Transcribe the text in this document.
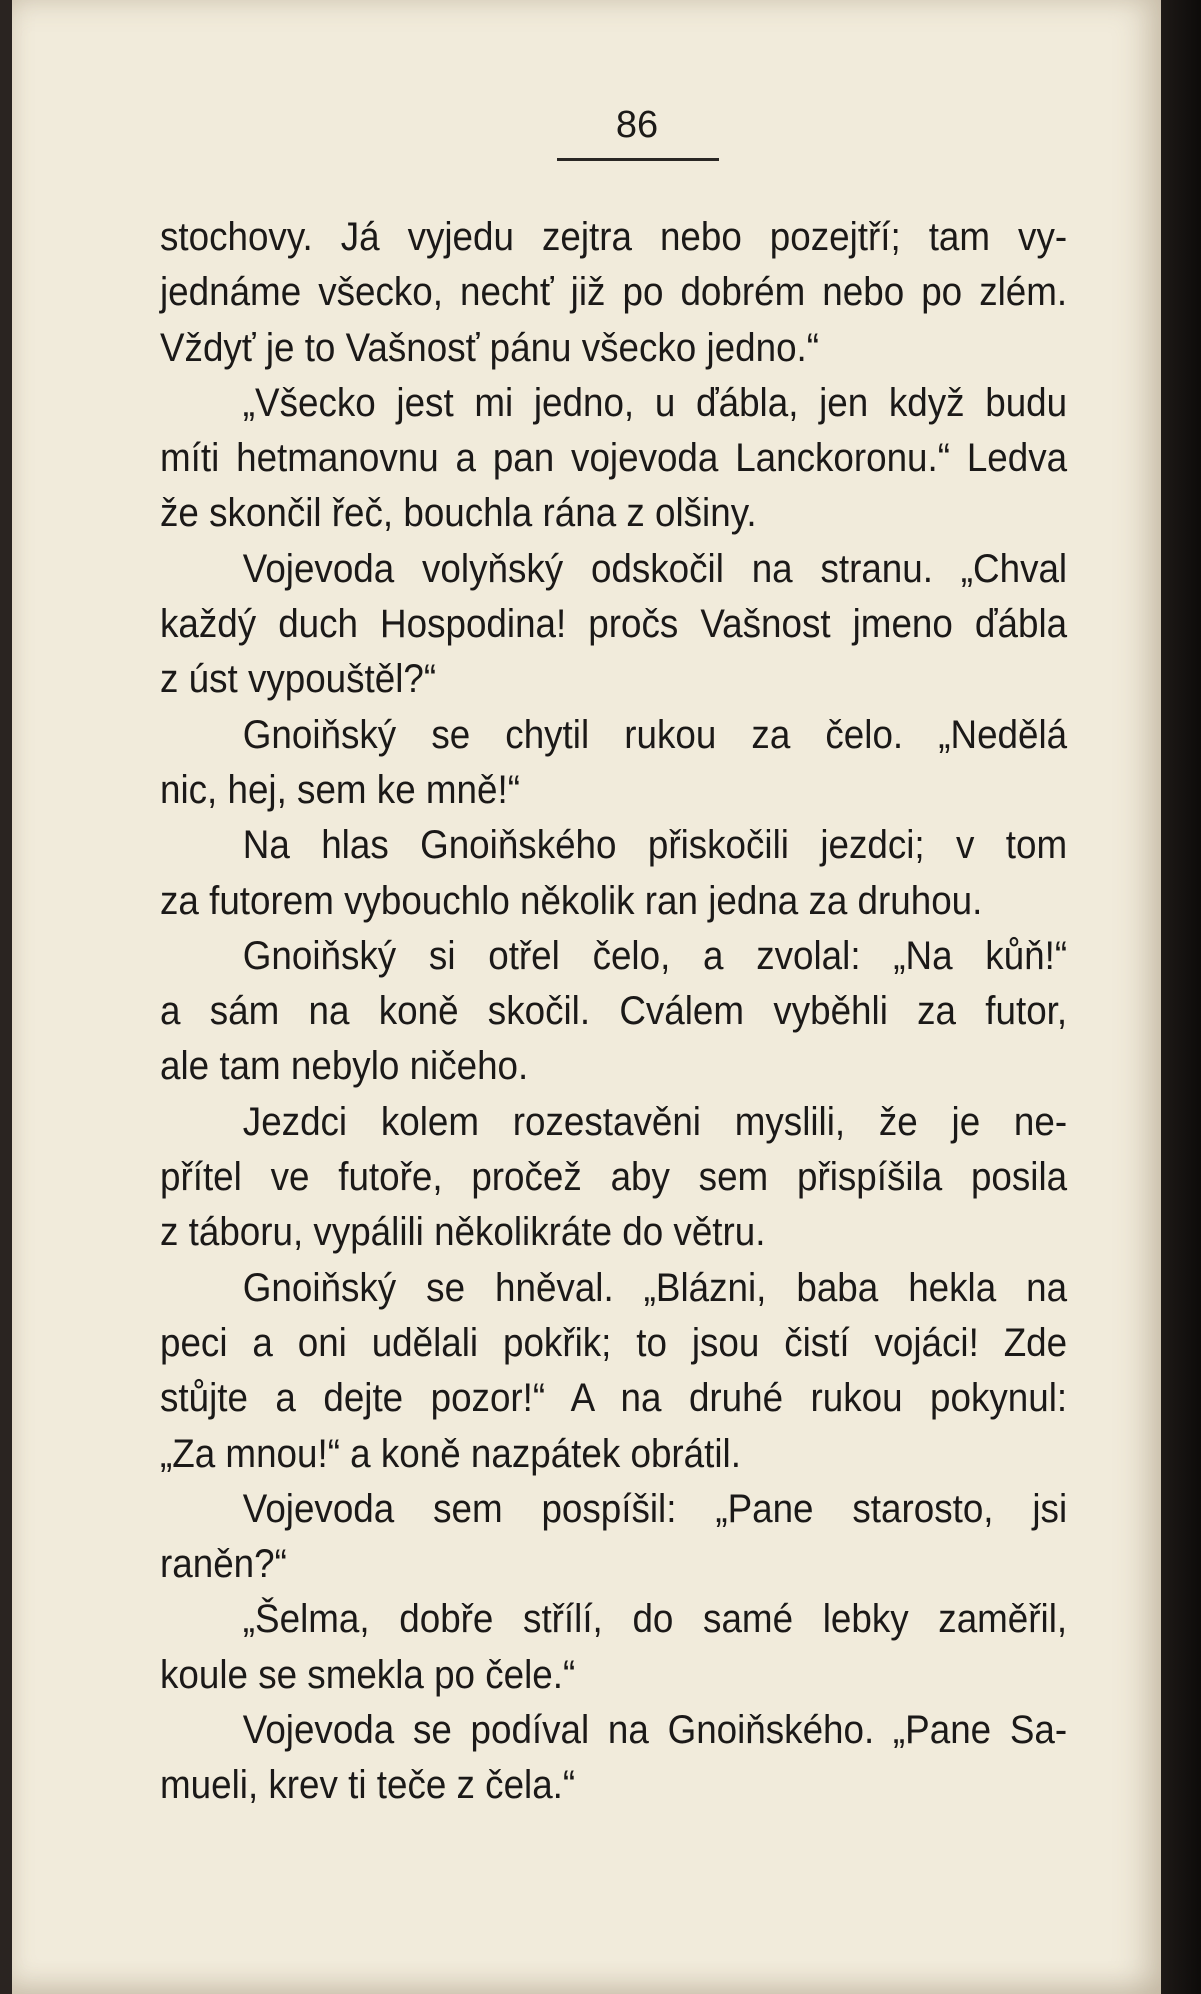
86
stochovy. Já vyjedu zejtra nebo pozejtří; tam vy-
jednáme všecko, nechť již po dobrém nebo po zlém.
Vždyť je to Vašnosť pánu všecko jedno.“
„Všecko jest mi jedno, u ďábla, jen když budu
míti hetmanovnu a pan vojevoda Lanckoronu.“ Ledva
že skončil řeč, bouchla rána z olšiny.
Vojevoda volyňský odskočil na stranu. „Chval
každý duch Hospodina! pročs Vašnost jmeno ďábla
z úst vypouštěl?“
Gnoiňský se chytil rukou za čelo. „Nedělá
nic, hej, sem ke mně!“
Na hlas Gnoiňského přiskočili jezdci; v tom
za futorem vybouchlo několik ran jedna za druhou.
Gnoiňský si otřel čelo, a zvolal: „Na kůň!“
a sám na koně skočil. Cválem vyběhli za futor,
ale tam nebylo ničeho.
Jezdci kolem rozestavěni myslili, že je ne-
přítel ve futoře, pročež aby sem přispíšila posila
z táboru, vypálili několikráte do větru.
Gnoiňský se hněval. „Blázni, baba hekla na
peci a oni udělali pokřik; to jsou čistí vojáci! Zde
stůjte a dejte pozor!“ A na druhé rukou pokynul:
„Za mnou!“ a koně nazpátek obrátil.
Vojevoda sem pospíšil: „Pane starosto, jsi
raněn?“
„Šelma, dobře střílí, do samé lebky zaměřil,
koule se smekla po čele.“
Vojevoda se podíval na Gnoiňského. „Pane Sa-
mueli, krev ti teče z čela.“
